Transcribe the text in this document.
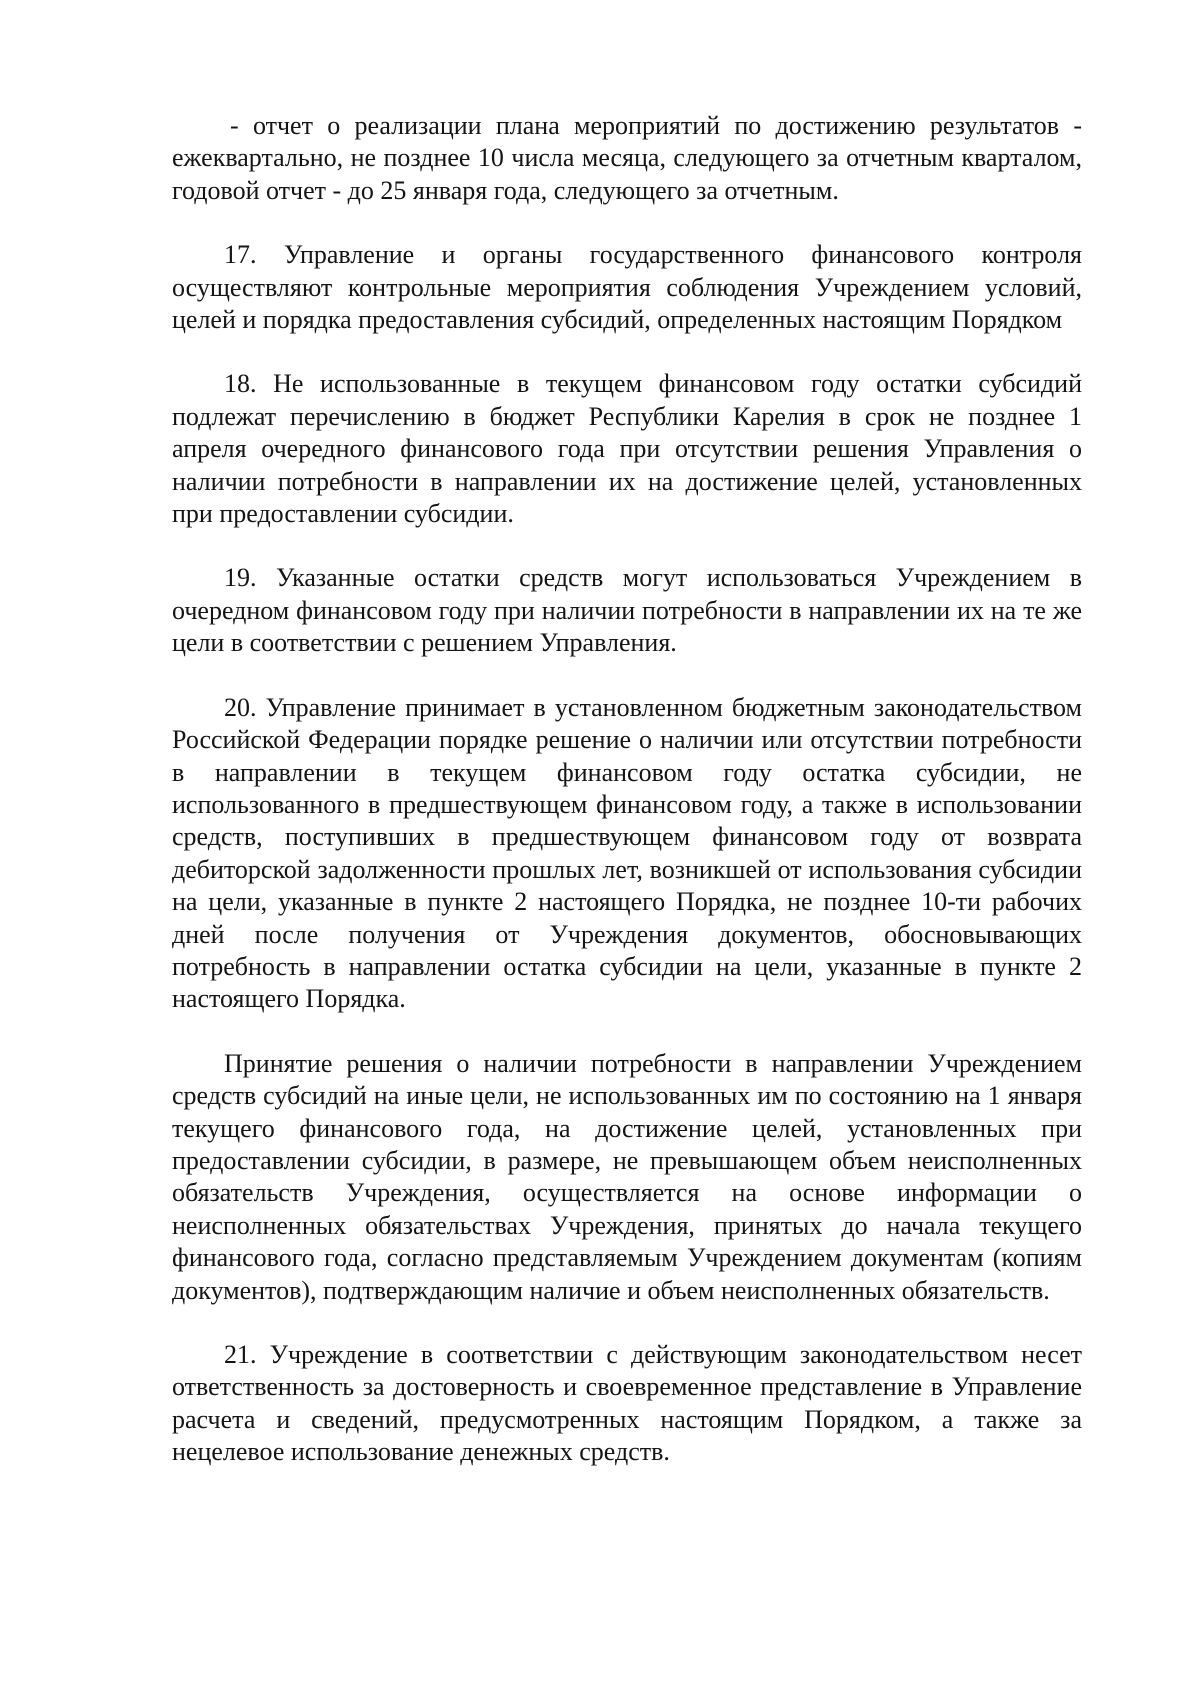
- отчет о реализации плана мероприятий по достижению результатов - ежеквартально, не позднее 10 числа месяца, следующего за отчетным кварталом, годовой отчет - до 25 января года, следующего за отчетным.

17. Управление и органы государственного финансового контроля осуществляют контрольные мероприятия соблюдения Учреждением условий, целей и порядка предоставления субсидий, определенных настоящим Порядком

18. Не использованные в текущем финансовом году остатки субсидий подлежат перечислению в бюджет Республики Карелия в срок не позднее 1 апреля очередного финансового года при отсутствии решения Управления о наличии потребности в направлении их на достижение целей, установленных при предоставлении субсидии.

19. Указанные остатки средств могут использоваться Учреждением в очередном финансовом году при наличии потребности в направлении их на те же цели в соответствии с решением Управления.

20. Управление принимает в установленном бюджетным законодательством Российской Федерации порядке решение о наличии или отсутствии потребности в направлении в текущем финансовом году остатка субсидии, не использованного в предшествующем финансовом году, а также в использовании средств, поступивших в предшествующем финансовом году от возврата дебиторской задолженности прошлых лет, возникшей от использования субсидии на цели, указанные в пункте 2 настоящего Порядка, не позднее 10-ти рабочих дней после получения от Учреждения документов, обосновывающих потребность в направлении остатка субсидии на цели, указанные в пункте 2 настоящего Порядка.

Принятие решения о наличии потребности в направлении Учреждением средств субсидий на иные цели, не использованных им по состоянию на 1 января текущего финансового года, на достижение целей, установленных при предоставлении субсидии, в размере, не превышающем объем неисполненных обязательств Учреждения, осуществляется на основе информации о неисполненных обязательствах Учреждения, принятых до начала текущего финансового года, согласно представляемым Учреждением документам (копиям документов), подтверждающим наличие и объем неисполненных обязательств.

21. Учреждение в соответствии с действующим законодательством несет ответственность за достоверность и своевременное представление в Управление расчета и сведений, предусмотренных настоящим Порядком, а также за нецелевое использование денежных средств.
